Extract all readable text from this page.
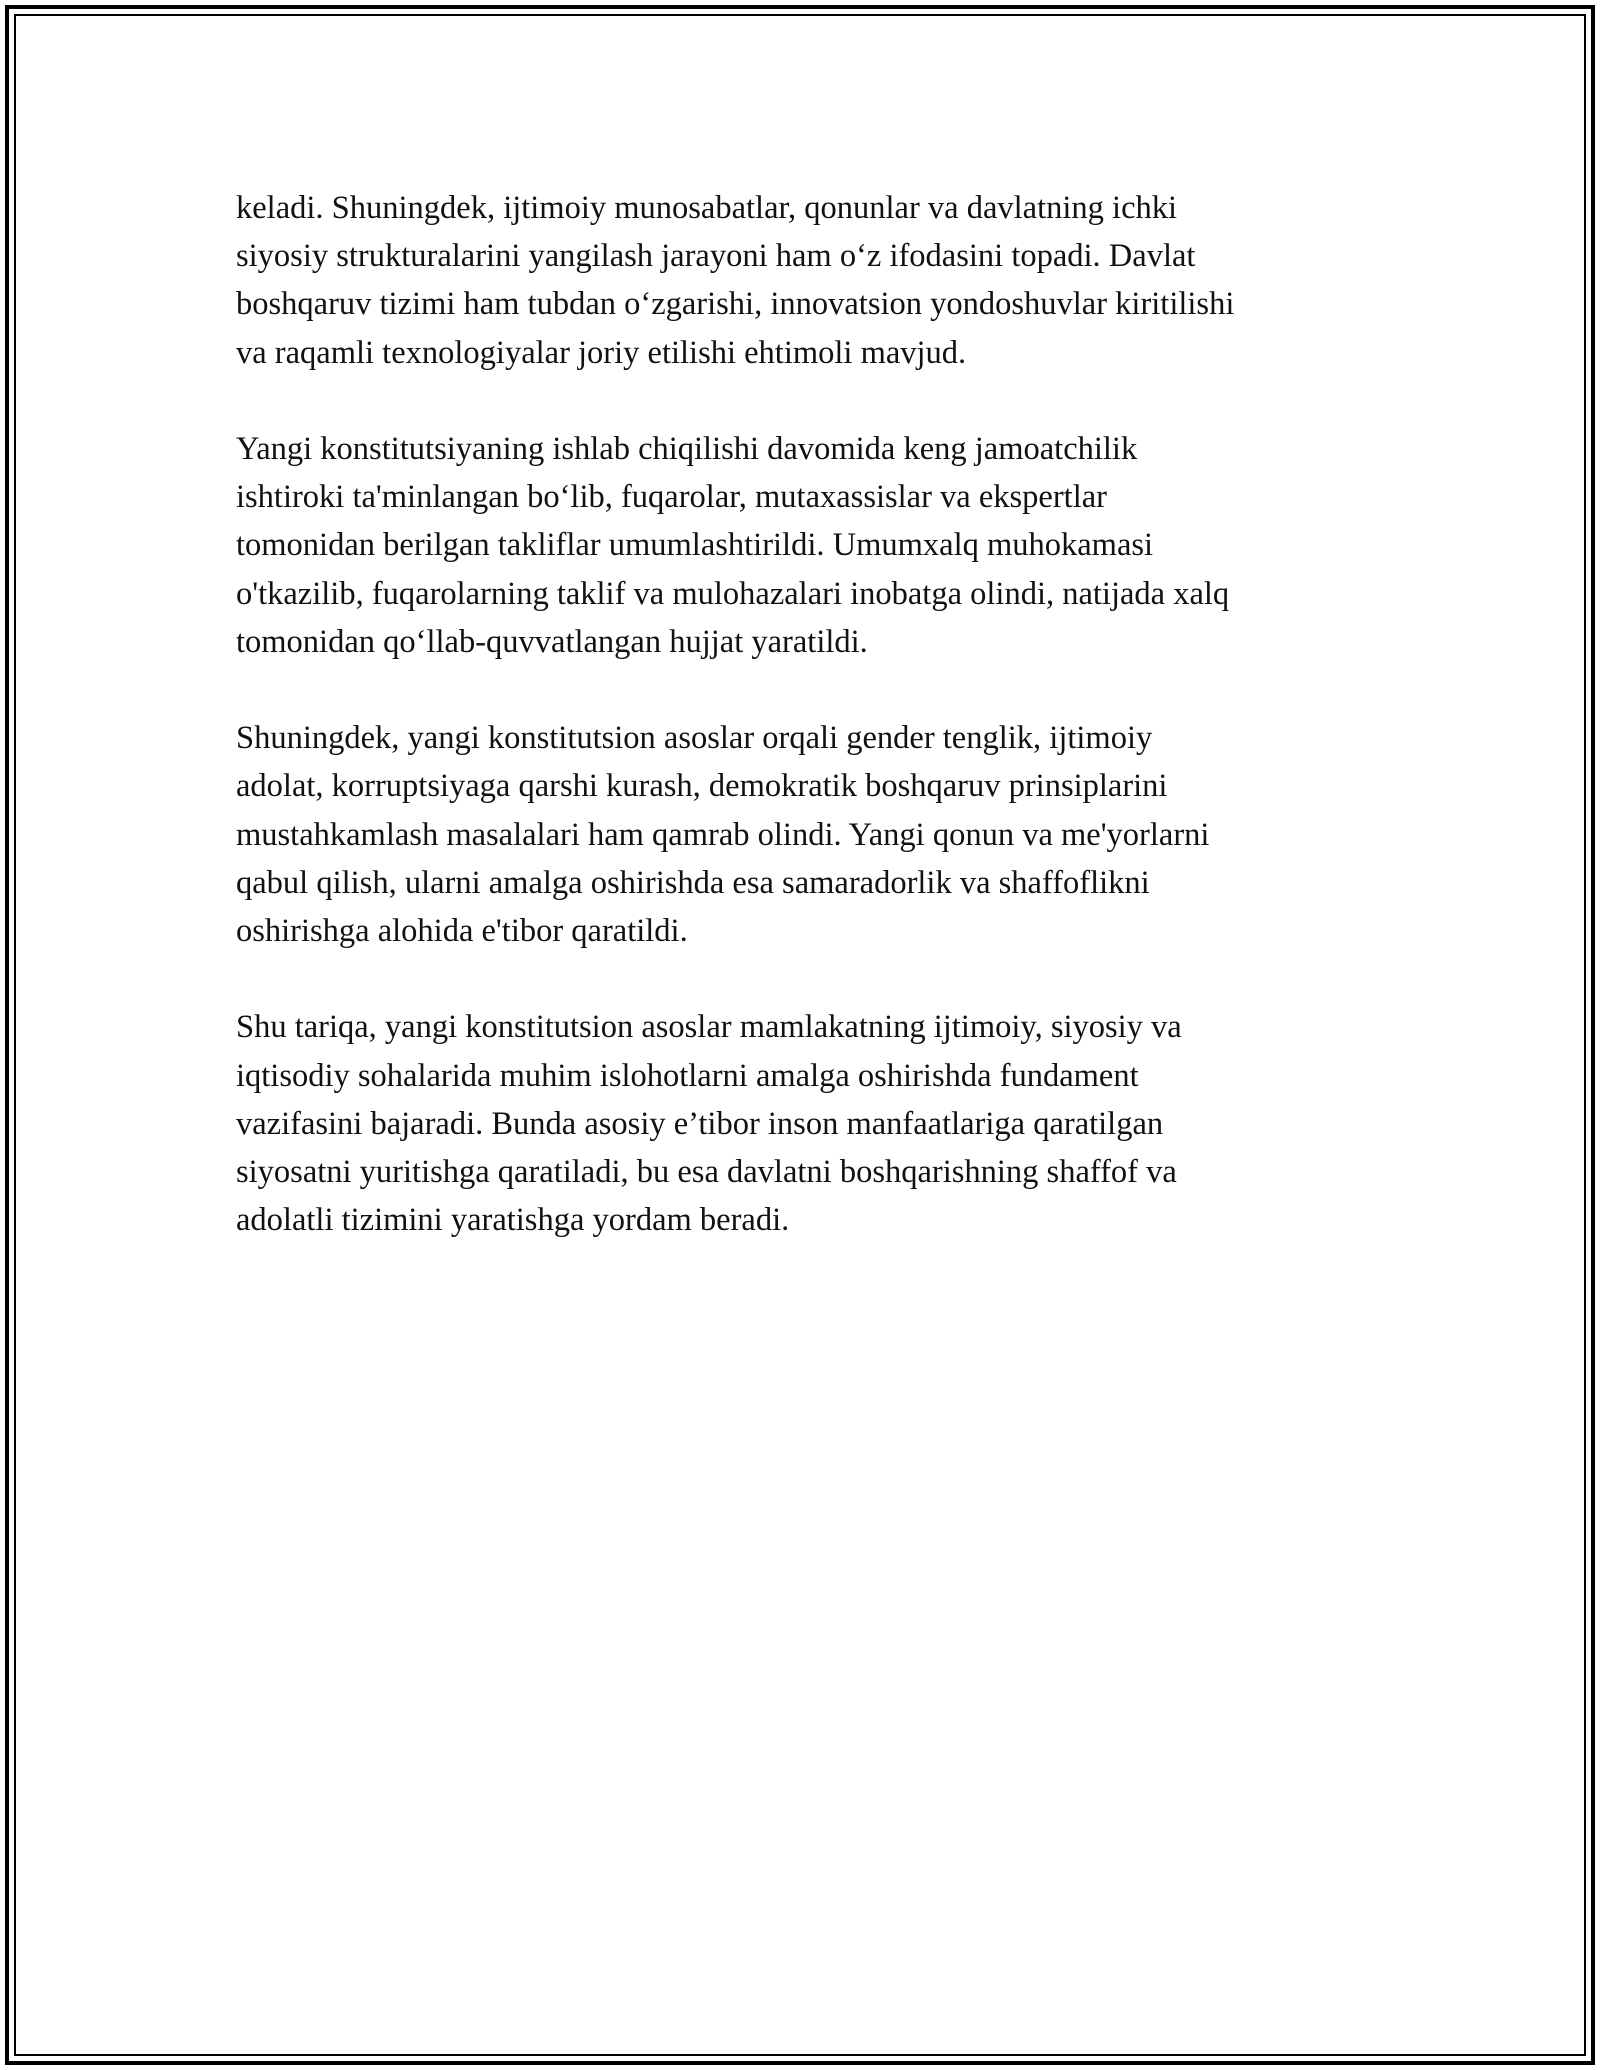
keladi. Shuningdek, ijtimoiy munosabatlar, qonunlar va davlatning ichki
siyosiy strukturalarini yangilash jarayoni ham o‘z ifodasini topadi. Davlat
boshqaruv tizimi ham tubdan o‘zgarishi, innovatsion yondoshuvlar kiritilishi
va raqamli texnologiyalar joriy etilishi ehtimoli mavjud.

Yangi konstitutsiyaning ishlab chiqilishi davomida keng jamoatchilik
ishtiroki ta'minlangan bo‘lib, fuqarolar, mutaxassislar va ekspertlar
tomonidan berilgan takliflar umumlashtirildi. Umumxalq muhokamasi
o'tkazilib, fuqarolarning taklif va mulohazalari inobatga olindi, natijada xalq
tomonidan qo‘llab-quvvatlangan hujjat yaratildi.

Shuningdek, yangi konstitutsion asoslar orqali gender tenglik, ijtimoiy
adolat, korruptsiyaga qarshi kurash, demokratik boshqaruv prinsiplarini
mustahkamlash masalalari ham qamrab olindi. Yangi qonun va me'yorlarni
qabul qilish, ularni amalga oshirishda esa samaradorlik va shaffoflikni
oshirishga alohida e'tibor qaratildi.

Shu tariqa, yangi konstitutsion asoslar mamlakatning ijtimoiy, siyosiy va
iqtisodiy sohalarida muhim islohotlarni amalga oshirishda fundament
vazifasini bajaradi. Bunda asosiy e’tibor inson manfaatlariga qaratilgan
siyosatni yuritishga qaratiladi, bu esa davlatni boshqarishning shaffof va
adolatli tizimini yaratishga yordam beradi.
